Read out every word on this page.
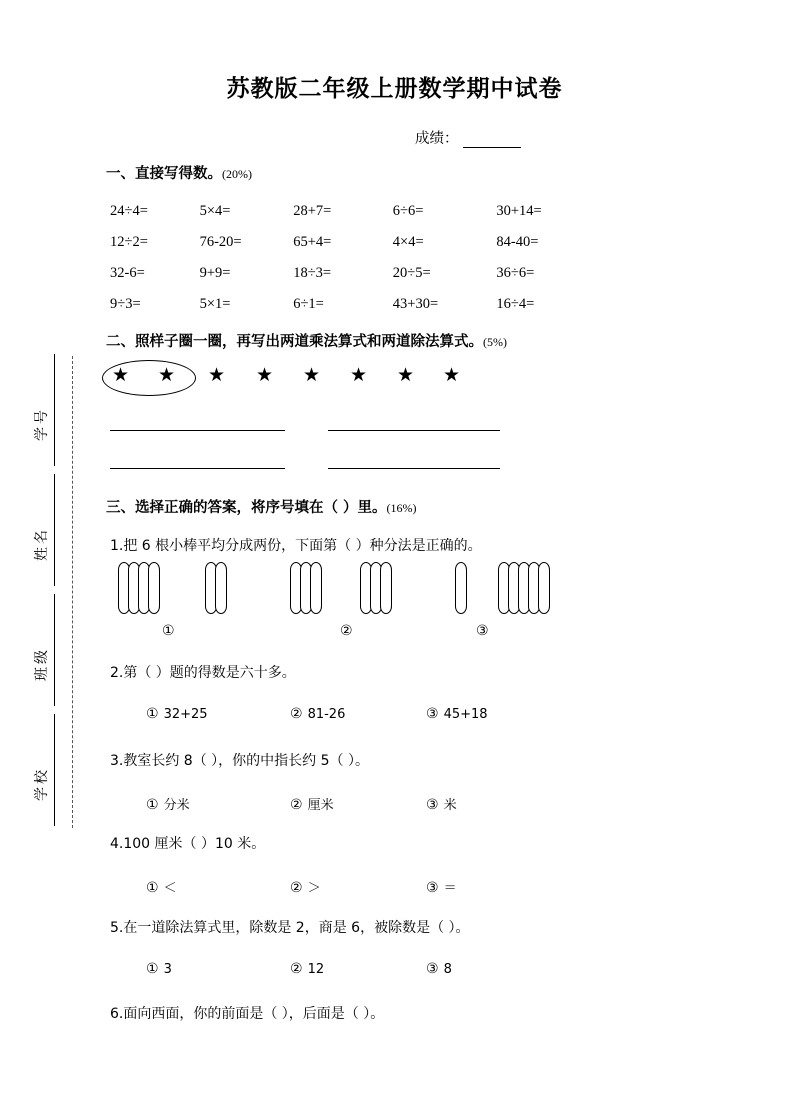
苏教版二年级上册数学期中试卷
成绩：
学号
姓名
班级
学校
一、直接写得数。(20%)
24÷4=	5×4=	28+7=	6÷6=	30+14=
12÷2=	76-20=	65+4=	4×4=	84-40=
32-6=	9+9=	18÷3=	20÷5=	36÷6=
9÷3=	5×1=	6÷1=	43+30=	16÷4=
二、照样子圈一圈，再写出两道乘法算式和两道除法算式。(5%)
★ ★ ★ ★ ★ ★ ★ ★
三、选择正确的答案，将序号填在（ ）里。(16%)
1.把 6 根小棒平均分成两份，下面第（ ）种分法是正确的。
①	②	③
2.第（ ）题的得数是六十多。
① 32+25	② 81-26	③ 45+18
3.教室长约 8（ ），你的中指长约 5（ ）。
① 分米	② 厘米	③ 米
4.100 厘米（ ）10 米。
① ＜	② ＞	③ ＝
5.在一道除法算式里，除数是 2，商是 6，被除数是（ ）。
① 3	② 12	③ 8
6.面向西面，你的前面是（ ），后面是（ ）。
